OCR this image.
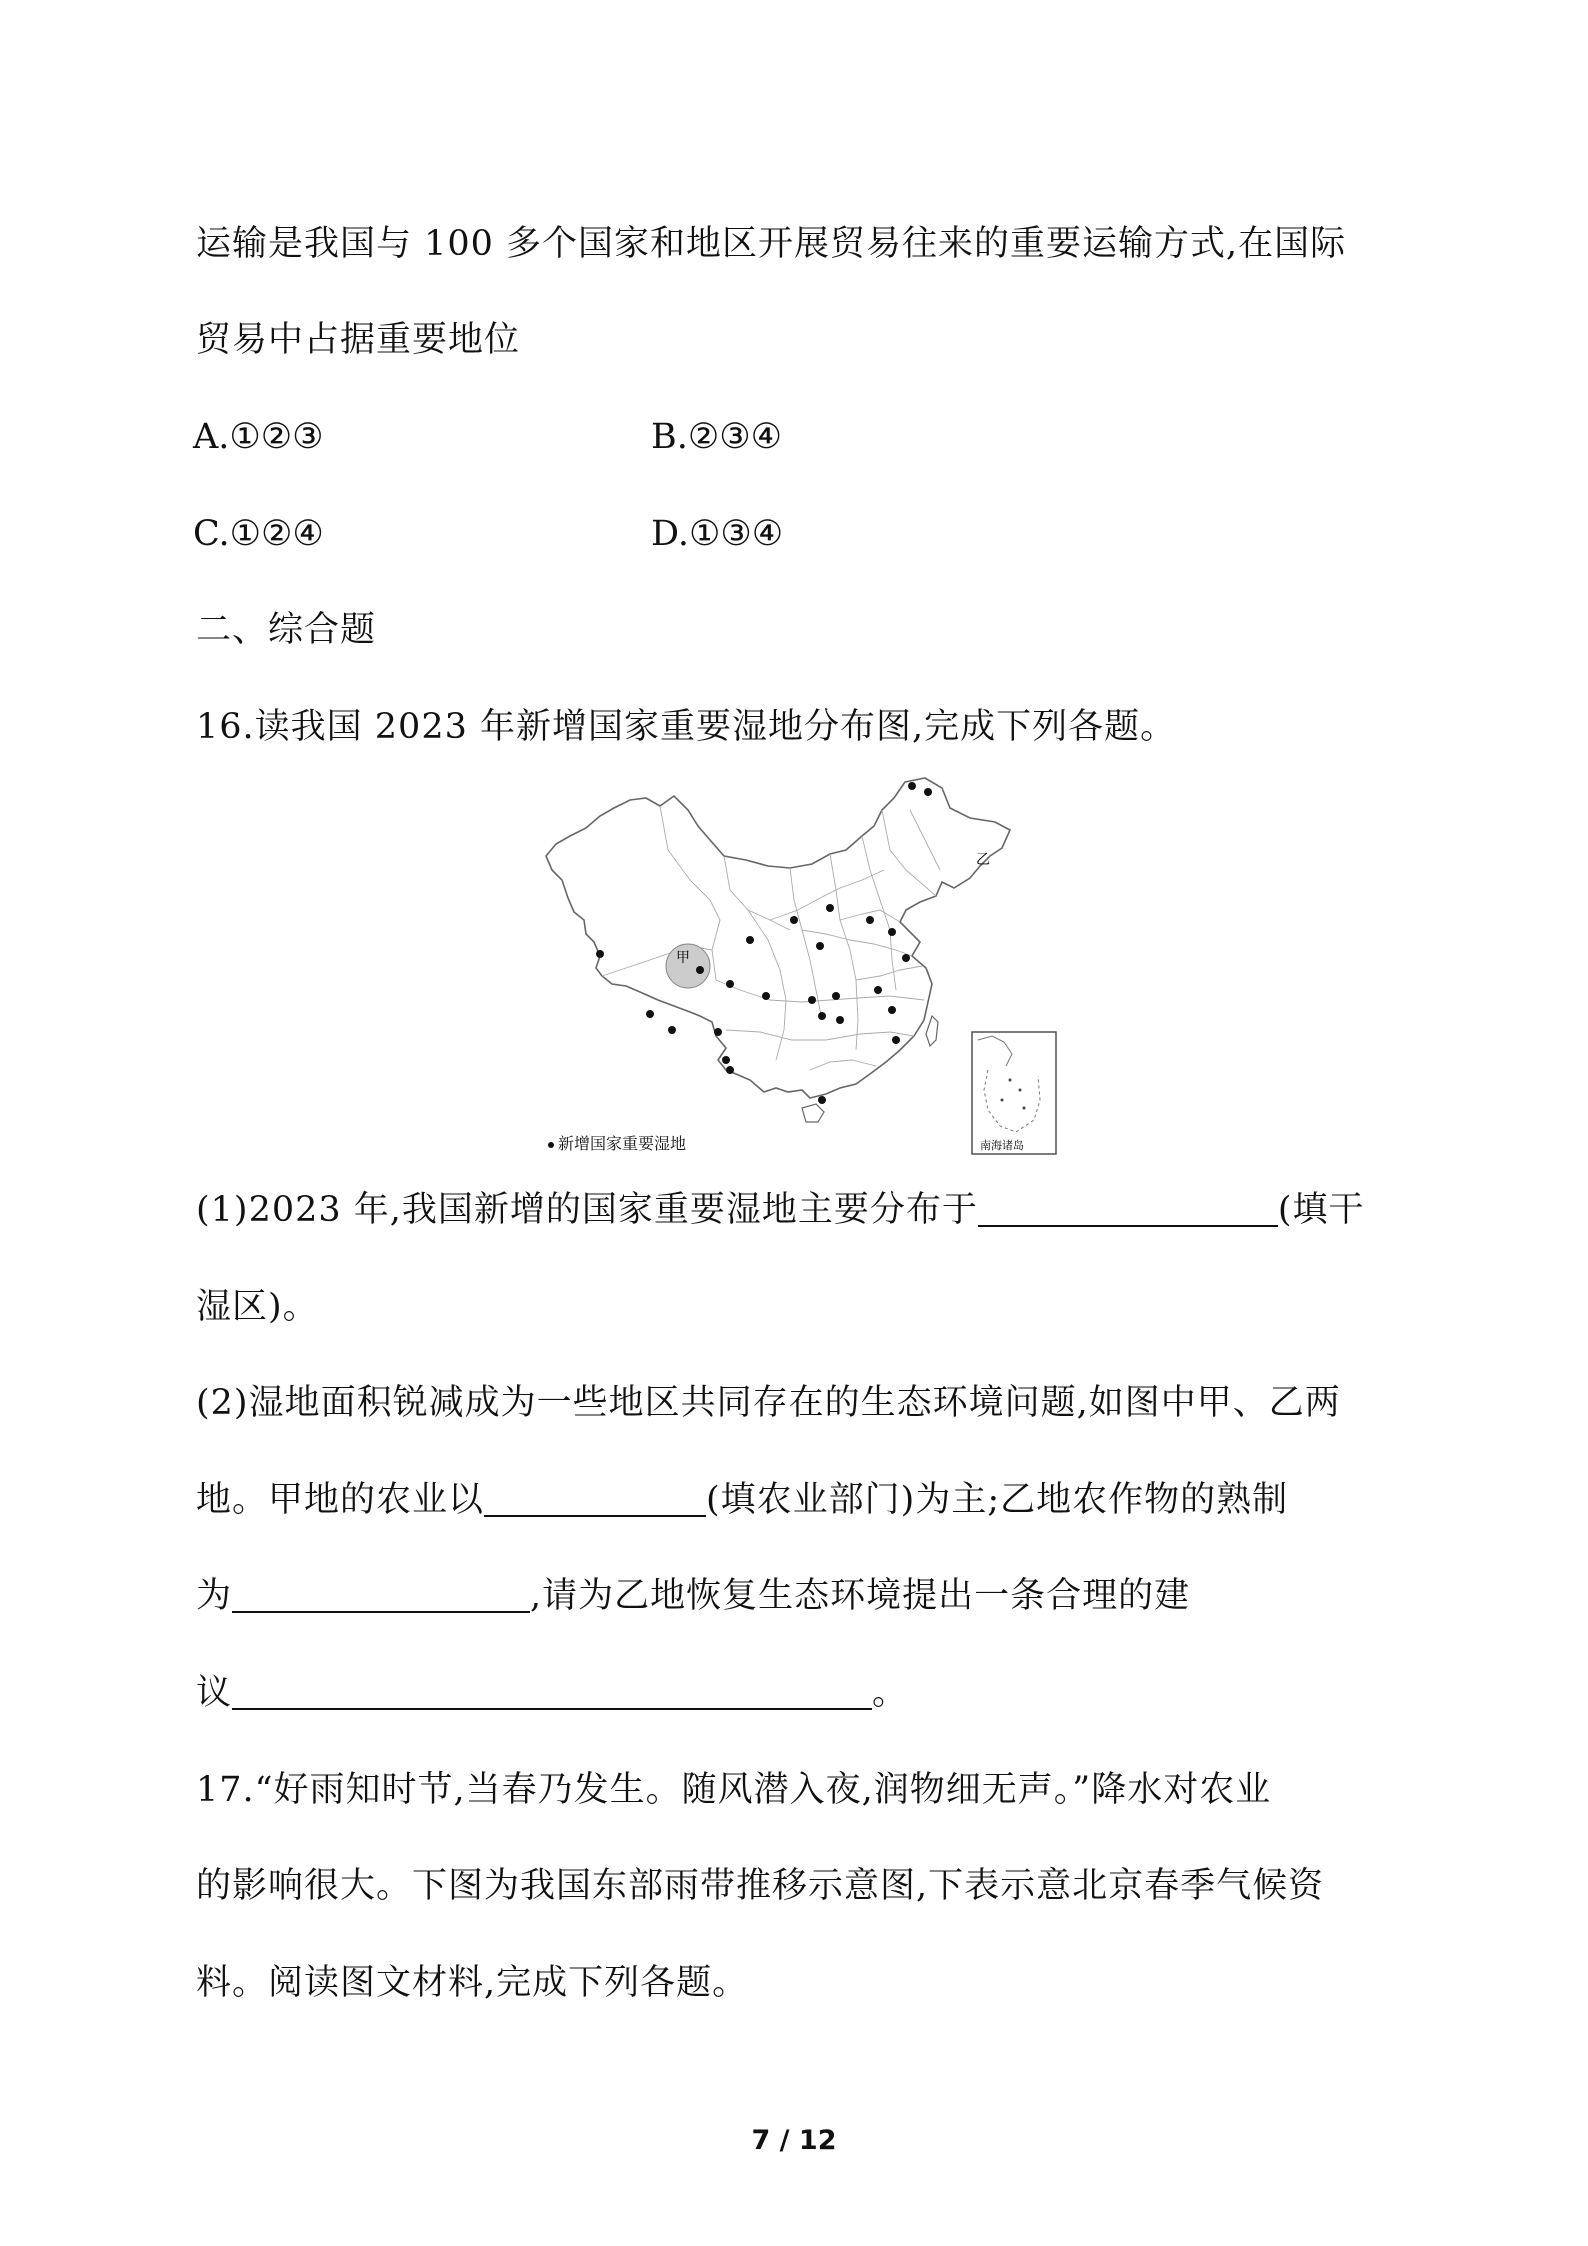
运输是我国与 100 多个国家和地区开展贸易往来的重要运输方式,在国际
贸易中占据重要地位
A.①②③	B.②③④
C.①②④	D.①③④
二、综合题
16.读我国 2023 年新增国家重要湿地分布图,完成下列各题。
甲
乙
南海诸岛
新增国家重要湿地
(1)2023 年,我国新增的国家重要湿地主要分布于	(填干
湿区)。
(2)湿地面积锐减成为一些地区共同存在的生态环境问题,如图中甲、乙两
地。甲地的农业以	(填农业部门)为主;乙地农作物的熟制
为	,请为乙地恢复生态环境提出一条合理的建
议	。
17.“好雨知时节,当春乃发生。随风潜入夜,润物细无声。”降水对农业
的影响很大。下图为我国东部雨带推移示意图,下表示意北京春季气候资
料。阅读图文材料,完成下列各题。
7 / 12
